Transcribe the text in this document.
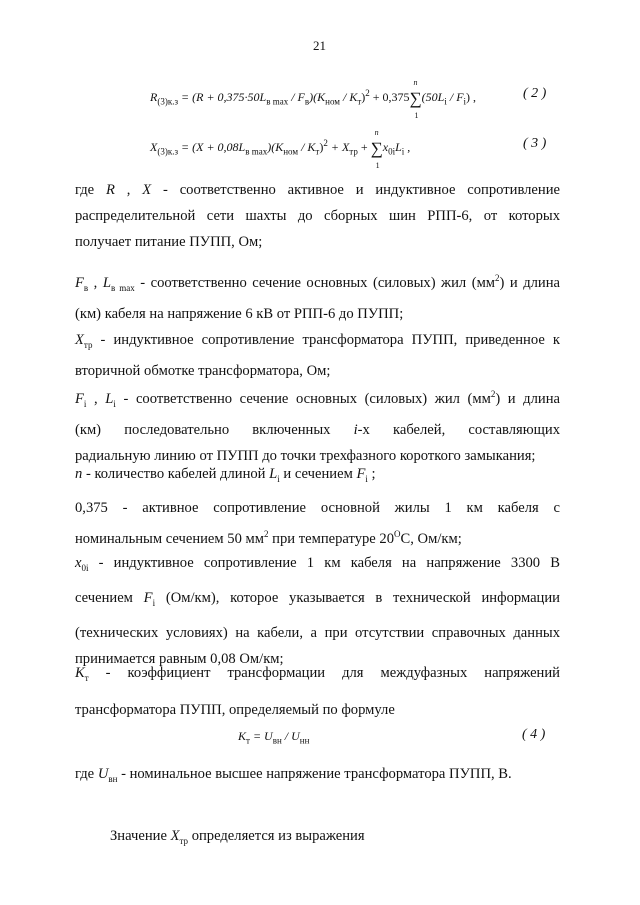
21
$R_{(3)к.з} = (R + 0,375\cdot 50L_{в max} / F_в)(K_{ном} / K_т)^2 + 0,375\sum$
n
1
$(50L_i / F_i)$ ,	( 2 )
$X_{(3)к.з} = (X + 0,08L_{в max})(K_{ном} / K_т)^2 + X_{тр}$ + ∑
n
1
$x_{0i}L_i$ ,	( 3 )
где R , X - соответственно активное и индуктивное сопротивление
распределительной сети шахты до сборных шин РПП-6, от которых
получает питание ПУПП, Ом;
$F_в$ , $L_{в max}$ - соответственно сечение основных (силовых) жил $(мм^2)$ и длина
(км) кабеля на напряжение 6 кВ от РПП-6 до ПУПП;
$X_{тр}$ - индуктивное сопротивление трансформатора ПУПП, приведенное к
вторичной обмотке трансформатора, Ом;
$F_i$ , $L_i$ - соответственно сечение основных (силовых) жил $(мм^2)$ и длина
(км) последовательно включенных i-х кабелей, составляющих
радиальную линию от ПУПП до точки трехфазного короткого замыкания;
n - количество кабелей длиной $L_i$ и сечением $F_i$ ;
0,375 - активное сопротивление основной жилы 1 км кабеля с
номинальным сечением 50 $мм^2$ при температуре $20^ОС$, Ом/км;
$x_{0i}$ - индуктивное сопротивление 1 км кабеля на напряжение 3300 В
сечением $F_i$ (Ом/км), которое указывается в технической информации
(технических условиях) на кабели, а при отсутствии справочных данных
принимается равным 0,08 Ом/км;
$K_т$ - коэффициент трансформации для междуфазных напряжений
трансформатора ПУПП, определяемый по формуле
$K_т = U_{вн} / U_{нн}$	( 4 )
где $U_{вн}$ - номинальное высшее напряжение трансформатора ПУПП, В.
Значение $X_{тр}$ определяется из выражения
